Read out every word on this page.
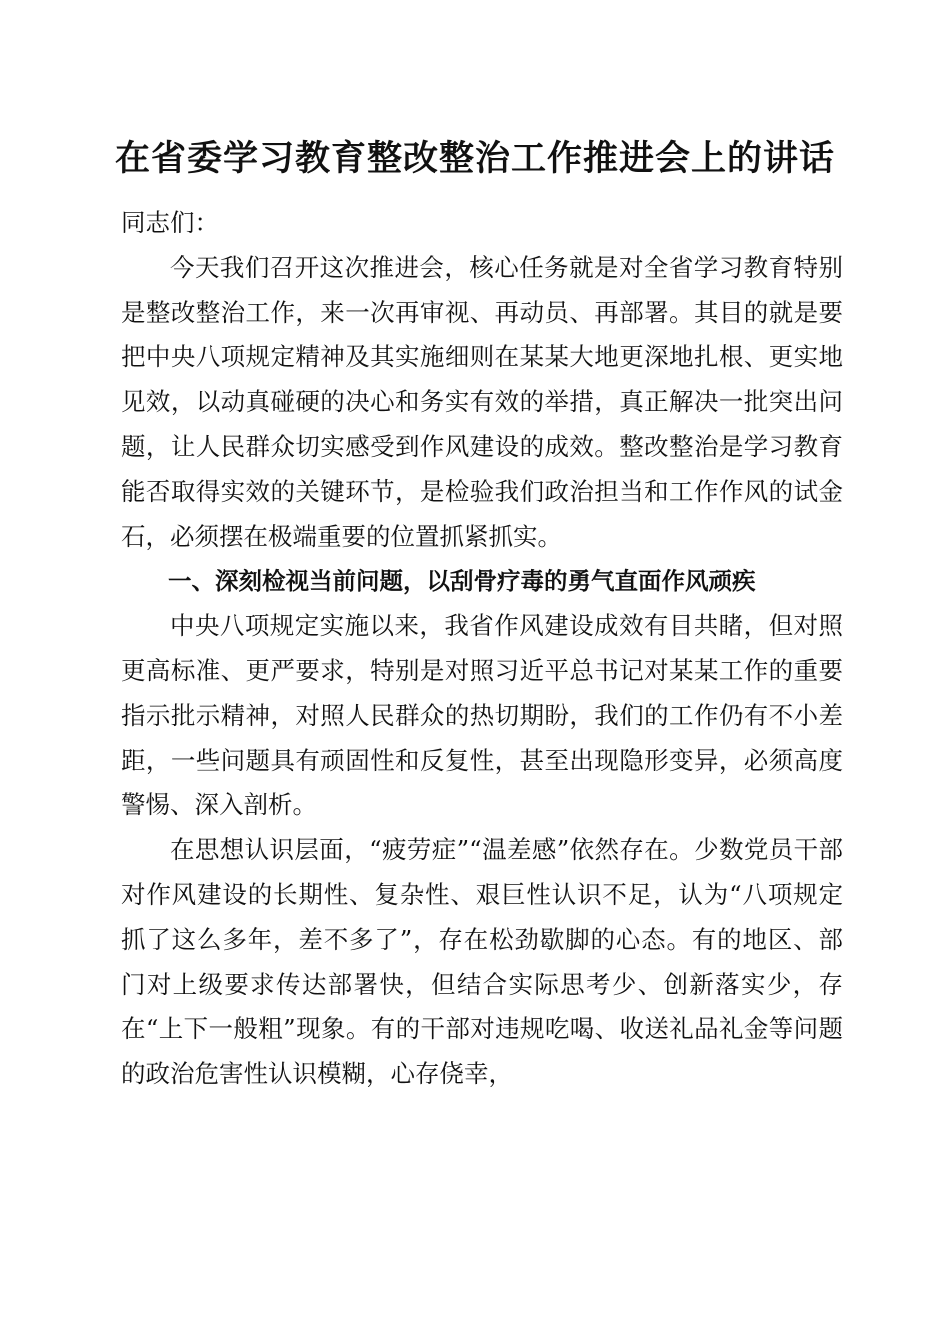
在省委学习教育整改整治工作推进会上的讲话

同志们：

今天我们召开这次推进会，核心任务就是对全省学习教育特别是整改整治工作，来一次再审视、再动员、再部署。其目的就是要把中央八项规定精神及其实施细则在某某大地更深地扎根、更实地见效，以动真碰硬的决心和务实有效的举措，真正解决一批突出问题，让人民群众切实感受到作风建设的成效。整改整治是学习教育能否取得实效的关键环节，是检验我们政治担当和工作作风的试金石，必须摆在极端重要的位置抓紧抓实。

一、深刻检视当前问题，以刮骨疗毒的勇气直面作风顽疾

中央八项规定实施以来，我省作风建设成效有目共睹，但对照更高标准、更严要求，特别是对照习近平总书记对某某工作的重要指示批示精神，对照人民群众的热切期盼，我们的工作仍有不小差距，一些问题具有顽固性和反复性，甚至出现隐形变异，必须高度警惕、深入剖析。

在思想认识层面，“疲劳症”“温差感”依然存在。少数党员干部对作风建设的长期性、复杂性、艰巨性认识不足，认为“八项规定抓了这么多年，差不多了”，存在松劲歇脚的心态。有的地区、部门对上级要求传达部署快，但结合实际思考少、创新落实少，存在“上下一般粗”现象。有的干部对违规吃喝、收送礼品礼金等问题的政治危害性认识模糊，心存侥幸，
